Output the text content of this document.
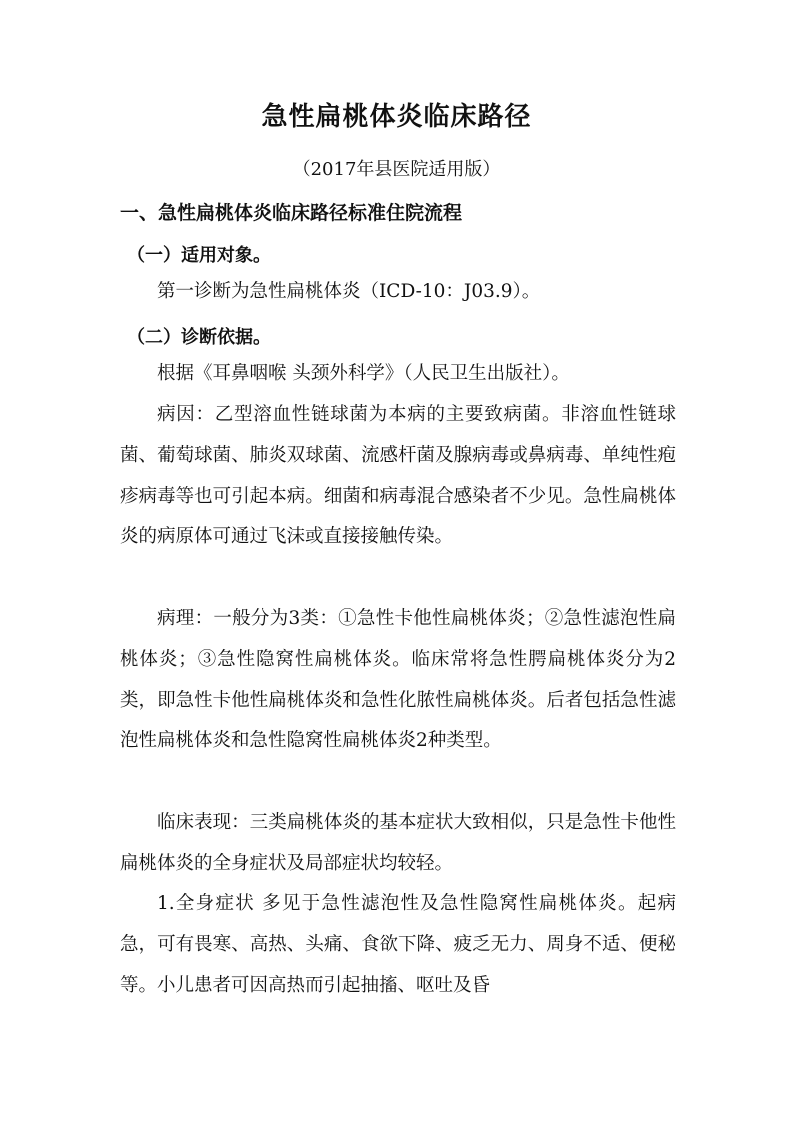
急性扁桃体炎临床路径
（2017年县医院适用版）
一、急性扁桃体炎临床路径标准住院流程
（一）适用对象。

第一诊断为急性扁桃体炎（ICD-10：J03.9）。

（二）诊断依据。

根据《耳鼻咽喉 头颈外科学》（人民卫生出版社）。

病因：乙型溶血性链球菌为本病的主要致病菌。非溶血性链球菌、葡萄球菌、肺炎双球菌、流感杆菌及腺病毒或鼻病毒、单纯性疱疹病毒等也可引起本病。细菌和病毒混合感染者不少见。急性扁桃体炎的病原体可通过飞沫或直接接触传染。

病理：一般分为3类：①急性卡他性扁桃体炎；②急性滤泡性扁桃体炎；③急性隐窝性扁桃体炎。临床常将急性腭扁桃体炎分为2类，即急性卡他性扁桃体炎和急性化脓性扁桃体炎。后者包括急性滤泡性扁桃体炎和急性隐窝性扁桃体炎2种类型。

临床表现：三类扁桃体炎的基本症状大致相似，只是急性卡他性扁桃体炎的全身症状及局部症状均较轻。

1.全身症状 多见于急性滤泡性及急性隐窝性扁桃体炎。起病急，可有畏寒、高热、头痛、食欲下降、疲乏无力、周身不适、便秘等。小儿患者可因高热而引起抽搐、呕吐及昏
